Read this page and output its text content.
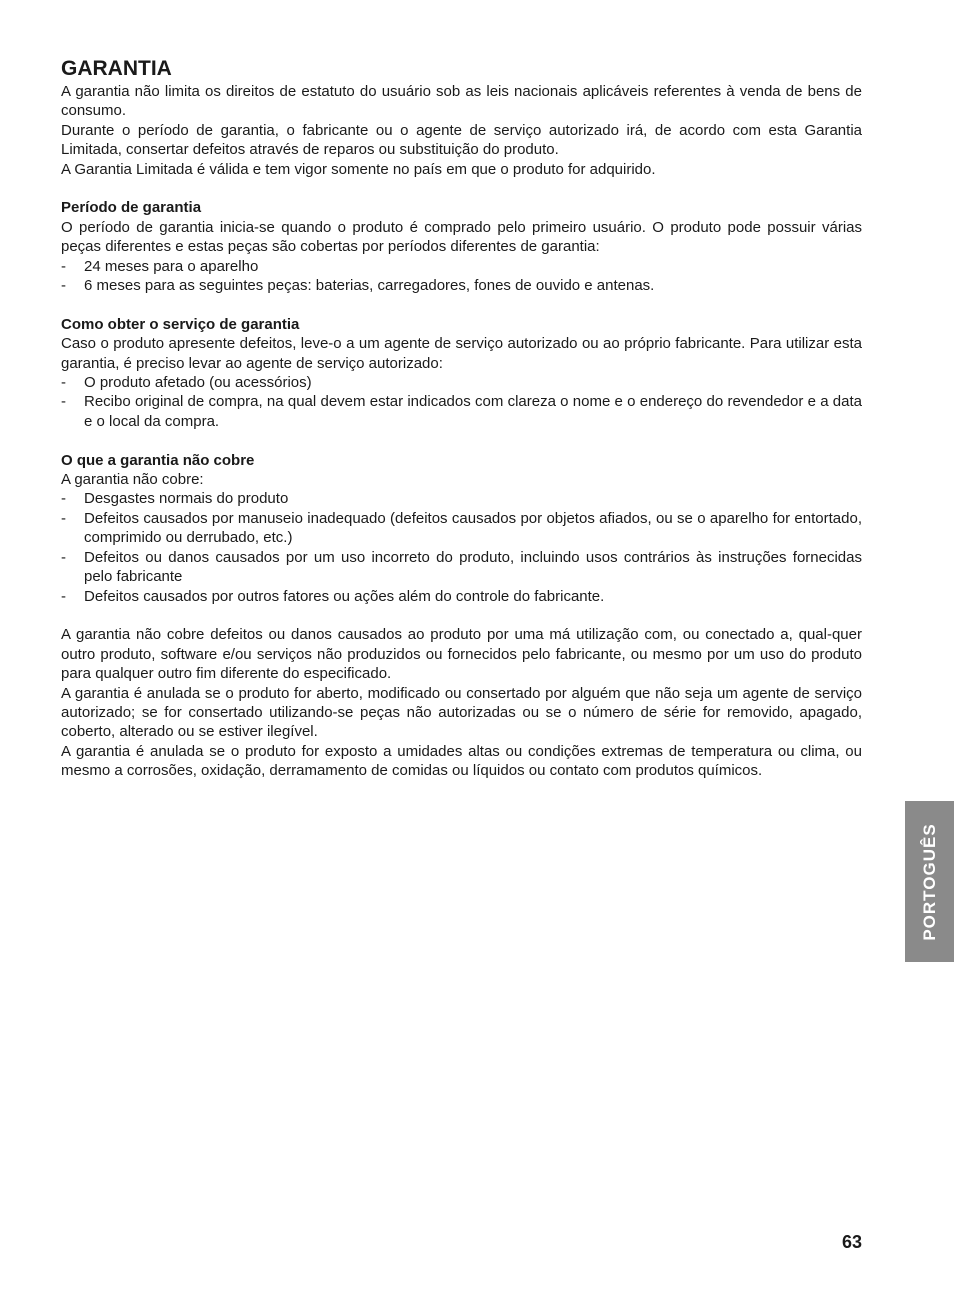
GARANTIA

A garantia não limita os direitos de estatuto do usuário sob as leis nacionais aplicáveis referentes à venda de bens de consumo.

Durante o período de garantia, o fabricante ou o agente de serviço autorizado irá, de acordo com esta Garantia Limitada, consertar defeitos através de reparos ou substituição do produto.

A Garantia Limitada é válida e tem vigor somente no país em que o produto for adquirido.

Período de garantia

O período de garantia inicia-se quando o produto é comprado pelo primeiro usuário. O produto pode possuir várias peças diferentes e estas peças são cobertas por períodos diferentes de garantia:

- 24 meses para o aparelho
- 6 meses para as seguintes peças: baterias, carregadores, fones de ouvido e antenas.
Como obter o serviço de garantia

Caso o produto apresente defeitos, leve-o a um agente de serviço autorizado ou ao próprio fabricante. Para utilizar esta garantia, é preciso levar ao agente de serviço autorizado:

- O produto afetado (ou acessórios)
- Recibo original de compra, na qual devem estar indicados com clareza o nome e o endereço do revendedor e a data e o local da compra.
O que a garantia não cobre

A garantia não cobre:

- Desgastes normais do produto
- Defeitos causados por manuseio inadequado (defeitos causados por objetos afiados, ou se o aparelho for entortado, comprimido ou derrubado, etc.)
- Defeitos ou danos causados por um uso incorreto do produto, incluindo usos contrários às instruções fornecidas pelo fabricante
- Defeitos causados por outros fatores ou ações além do controle do fabricante.

A garantia não cobre defeitos ou danos causados ao produto por uma má utilização com, ou conectado a, qual-quer outro produto, software e/ou serviços não produzidos ou fornecidos pelo fabricante, ou mesmo por um uso do produto para qualquer outro fim diferente do especificado.

A garantia é anulada se o produto for aberto, modificado ou consertado por alguém que não seja um agente de serviço autorizado; se for consertado utilizando-se peças não autorizadas ou se o número de série for removido, apagado, coberto, alterado ou se estiver ilegível.

A garantia é anulada se o produto for exposto a umidades altas ou condições extremas de temperatura ou clima, ou mesmo a corrosões, oxidação, derramamento de comidas ou líquidos ou contato com produtos químicos.

PORTOGUÊS
63
